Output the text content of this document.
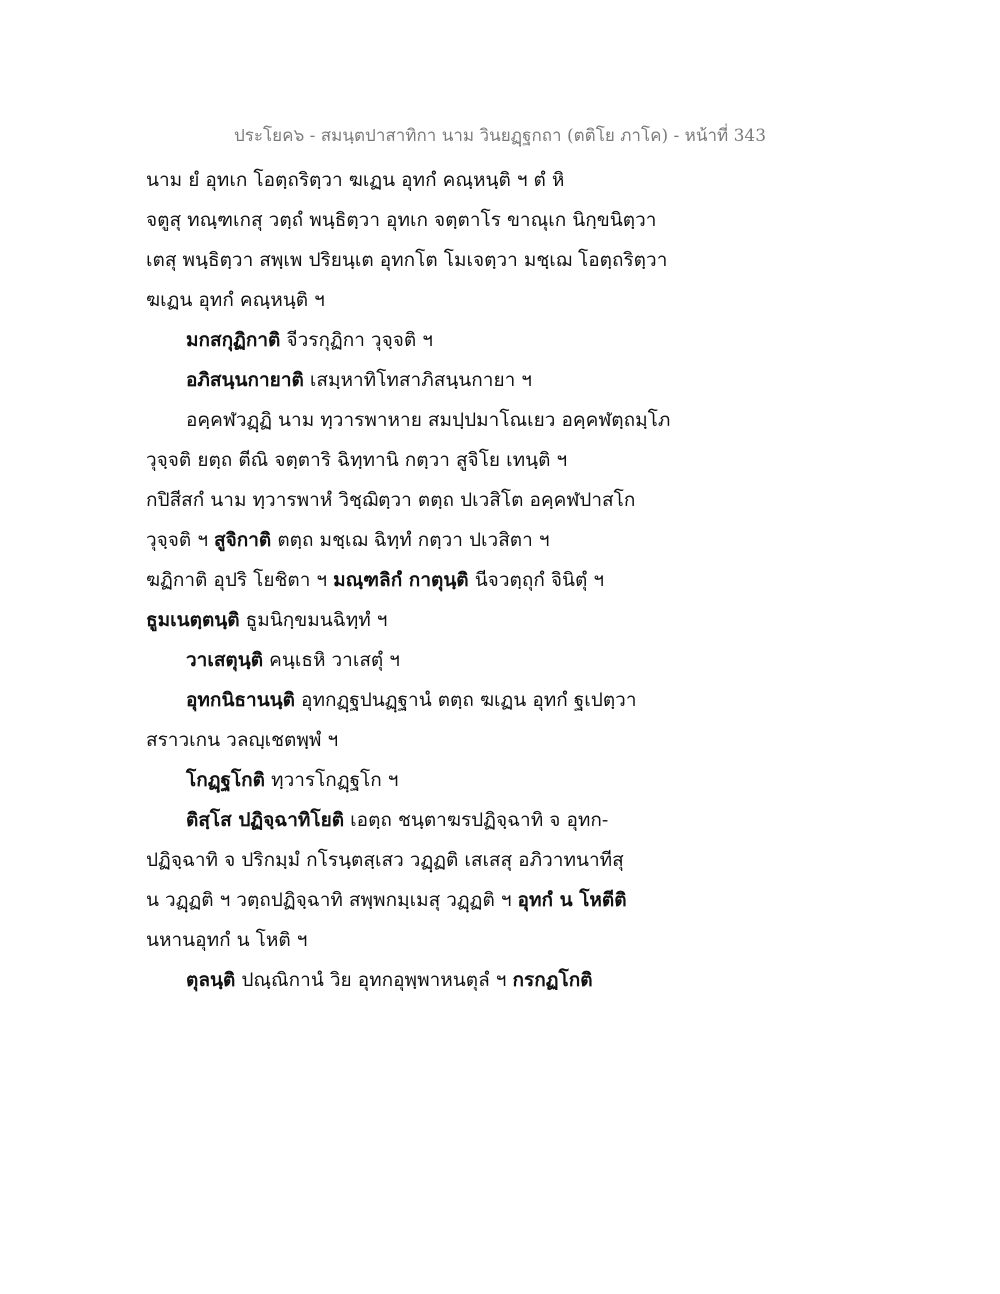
ประโยค๖ - สมนฺตปาสาทิกา นาม วินยฏฺฐกถา (ตติโย ภาโค) - หน้าที่ 343
นาม ยํ อุทเก โอตฺถริตฺวา ฆเฏน อุทกํ คณฺหนฺติ ฯ ตํ หิ
จตูสุ ทณฺฑเกสุ วตฺถํ พนฺธิตฺวา อุทเก จตฺตาโร ขาณุเก นิกฺขนิตฺวา
เตสุ พนฺธิตฺวา สพฺเพ ปริยนฺเต อุทกโต โมเจตฺวา มชฺเฌ โอตฺถริตฺวา
ฆเฏน อุทกํ คณฺหนฺติ ฯ
มกสกุฏิกาติ จีวรกุฏิกา วุจฺจติ ฯ
อภิสนฺนกายาติ เสมฺหาทิโทสาภิสนฺนกายา ฯ
อคฺคฬวฏฺฏิ นาม ทฺวารพาหาย สมปฺปมาโณเยว อคฺคฬตฺถมฺโภ
วุจฺจติ ยตฺถ ตีณิ จตฺตาริ ฉิทฺทานิ กตฺวา สูจิโย เทนฺติ ฯ
กปิสีสกํ นาม ทฺวารพาหํ วิชฺฌิตฺวา ตตฺถ ปเวสิโต อคฺคฬปาสโก
วุจฺจติ ฯ สูจิกาติ ตตฺถ มชฺเฌ ฉิทฺทํ กตฺวา ปเวสิตา ฯ
ฆฏิกาติ อุปริ โยชิตา ฯ มณฺฑลิกํ กาตุนฺติ นีจวตฺถุกํ จินิตุํ ฯ
ธูมเนตฺตนฺติ ธูมนิกฺขมนฉิทฺทํ ฯ
วาเสตุนฺติ คนฺเธหิ วาเสตุํ ฯ
อุทกนิธานนฺติ อุทกฏฺฐปนฏฺฐานํ ตตฺถ ฆเฏน อุทกํ ฐเปตฺวา
สราวเกน วลญฺเชตพฺพํ ฯ
โกฏฺฐโกติ ทฺวารโกฏฺฐโก ฯ
ติสฺโส ปฏิจฺฉาทิโยติ เอตฺถ ชนฺตาฆรปฏิจฺฉาทิ จ อุทก-
ปฏิจฺฉาทิ จ ปริกมฺมํ กโรนฺตสฺเสว วฏฺฏติ เสเสสุ อภิวาทนาทีสุ
น วฏฺฏติ ฯ วตฺถปฏิจฺฉาทิ สพฺพกมฺเมสุ วฏฺฏติ ฯ อุทกํ น โหตีติ
นหานอุทกํ น โหติ ฯ
ตุลนฺติ ปณฺณิกานํ วิย อุทกอุพฺพาหนตุลํ ฯ กรกฏโกติ
